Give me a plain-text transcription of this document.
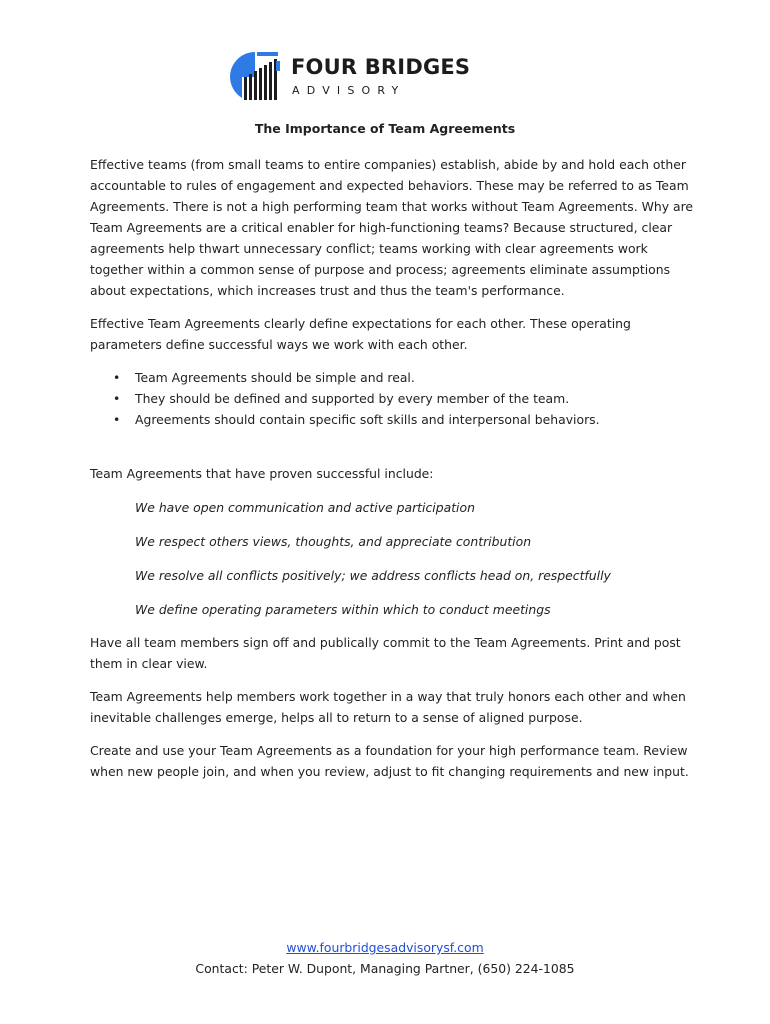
FOUR BRIDGES
ADVISORY
The Importance of Team Agreements

Effective teams (from small teams to entire companies) establish, abide by and hold each other accountable to rules of engagement and expected behaviors. These may be referred to as Team Agreements. There is not a high performing team that works without Team Agreements. Why are Team Agreements are a critical enabler for high-functioning teams? Because structured, clear agreements help thwart unnecessary conflict; teams working with clear agreements work together within a common sense of purpose and process; agreements eliminate assumptions about expectations, which increases trust and thus the team's performance.

Effective Team Agreements clearly define expectations for each other. These operating parameters define successful ways we work with each other.

• Team Agreements should be simple and real.
• They should be defined and supported by every member of the team.
• Agreements should contain specific soft skills and interpersonal behaviors.

Team Agreements that have proven successful include:

We have open communication and active participation
We respect others views, thoughts, and appreciate contribution
We resolve all conflicts positively; we address conflicts head on, respectfully
We define operating parameters within which to conduct meetings

Have all team members sign off and publically commit to the Team Agreements. Print and post them in clear view.

Team Agreements help members work together in a way that truly honors each other and when inevitable challenges emerge, helps all to return to a sense of aligned purpose.

Create and use your Team Agreements as a foundation for your high performance team. Review when new people join, and when you review, adjust to fit changing requirements and new input.

www.fourbridgesadvisorysf.com
Contact: Peter W. Dupont, Managing Partner, (650) 224-1085
